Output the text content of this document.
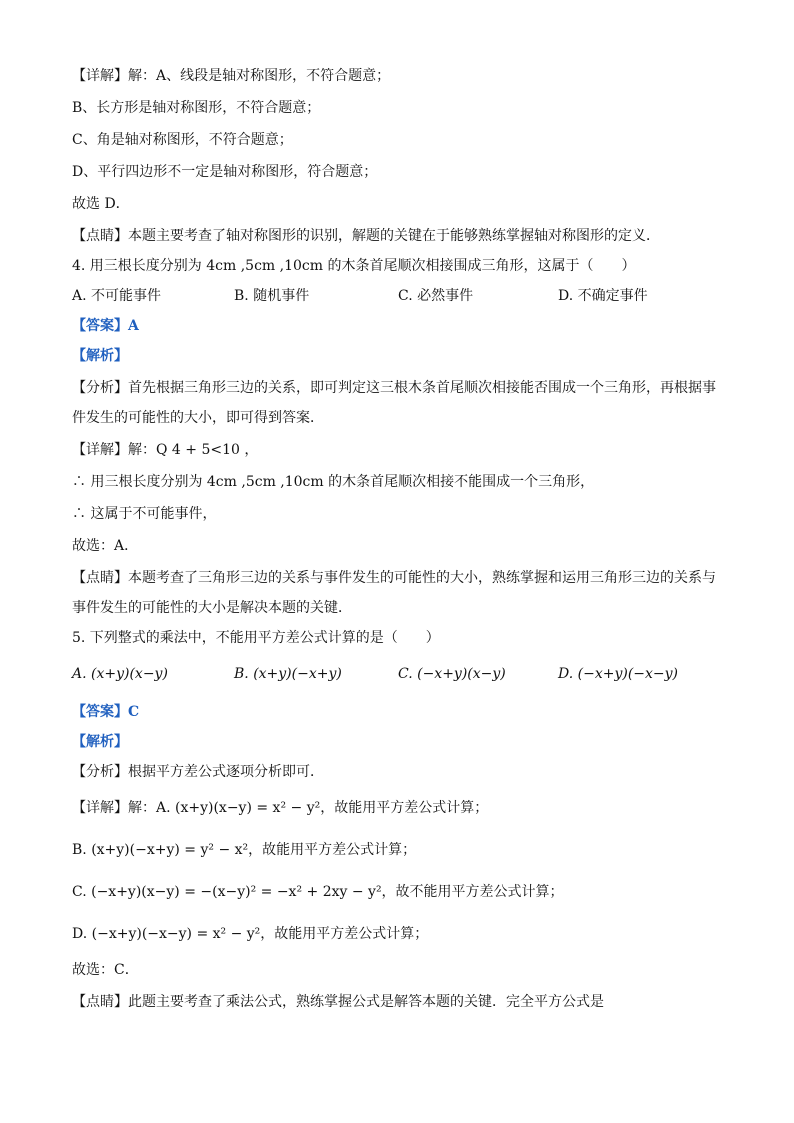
【详解】解：A、线段是轴对称图形，不符合题意；
B、长方形是轴对称图形，不符合题意；
C、角是轴对称图形，不符合题意；
D、平行四边形不一定是轴对称图形，符合题意；
故选 D．
【点睛】本题主要考查了轴对称图形的识别，解题的关键在于能够熟练掌握轴对称图形的定义．
4. 用三根长度分别为 4cm ,5cm ,10cm 的木条首尾顺次相接围成三角形，这属于（　　）
A. 不可能事件	B. 随机事件	C. 必然事件	D. 不确定事件
【答案】A
【解析】
【分析】首先根据三角形三边的关系，即可判定这三根木条首尾顺次相接能否围成一个三角形，再根据事
件发生的可能性的大小，即可得到答案．
【详解】解：Q 4 + 5<10 ，
∴ 用三根长度分别为 4cm ,5cm ,10cm 的木条首尾顺次相接不能围成一个三角形，
∴ 这属于不可能事件，
故选：A．
【点睛】本题考查了三角形三边的关系与事件发生的可能性的大小，熟练掌握和运用三角形三边的关系与
事件发生的可能性的大小是解决本题的关键．
5. 下列整式的乘法中，不能用平方差公式计算的是（　　）
A. (x+y)(x−y)	B. (x+y)(−x+y)	C. (−x+y)(x−y)	D. (−x+y)(−x−y)
【答案】C
【解析】
【分析】根据平方差公式逐项分析即可．
【详解】解：A. (x+y)(x−y) = x² − y²，故能用平方差公式计算；
B. (x+y)(−x+y) = y² − x²，故能用平方差公式计算；
C. (−x+y)(x−y) = −(x−y)² = −x² + 2xy − y²，故不能用平方差公式计算；
D. (−x+y)(−x−y) = x² − y²，故能用平方差公式计算；
故选：C．
【点睛】此题主要考查了乘法公式，熟练掌握公式是解答本题的关键．完全平方公式是
